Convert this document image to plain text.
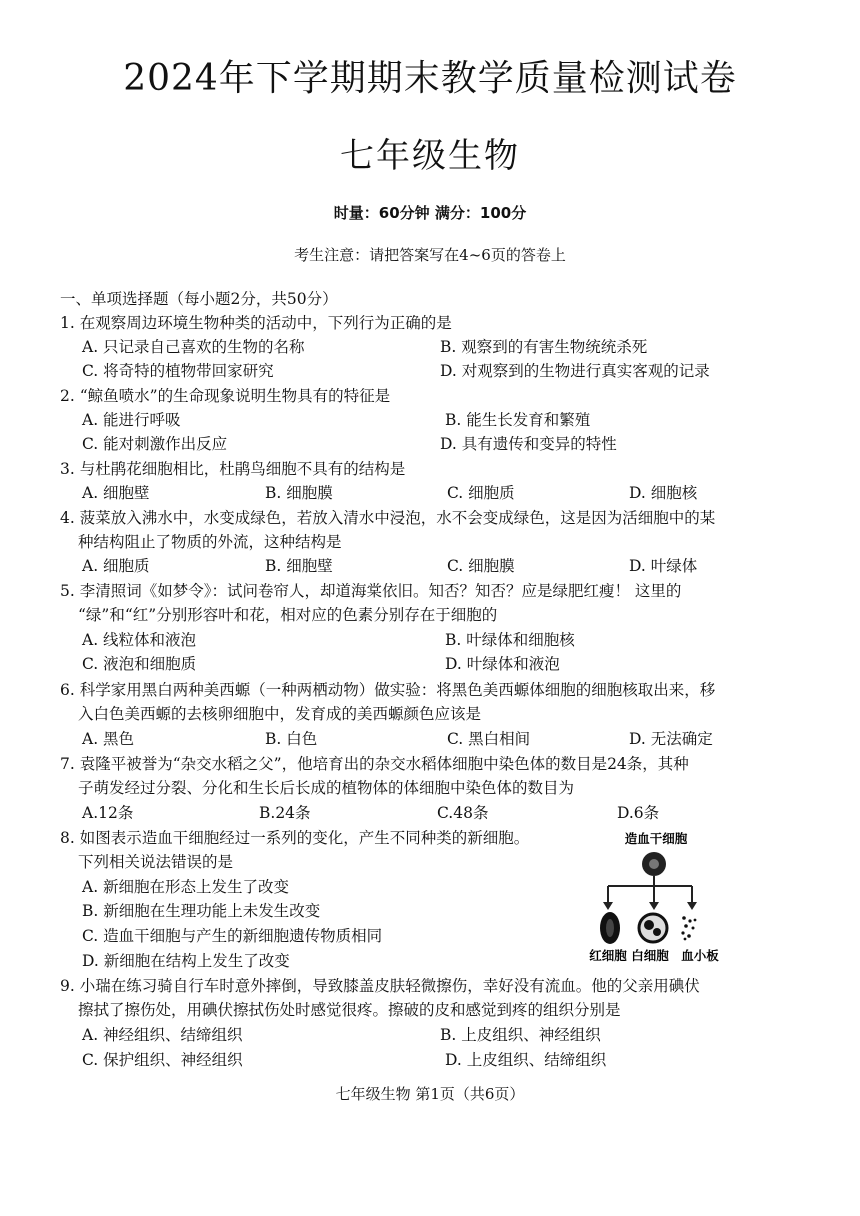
2024年下学期期末教学质量检测试卷
七年级生物
时量：60分钟 满分：100分
考生注意：请把答案写在4~6页的答卷上
一、单项选择题（每小题2分，共50分）
1. 在观察周边环境生物种类的活动中，下列行为正确的是
A. 只记录自己喜欢的生物的名称	B. 观察到的有害生物统统杀死
C. 将奇特的植物带回家研究	D. 对观察到的生物进行真实客观的记录
2. “鲸鱼喷水”的生命现象说明生物具有的特征是
A. 能进行呼吸	B. 能生长发育和繁殖
C. 能对刺激作出反应	D. 具有遗传和变异的特性
3. 与杜鹃花细胞相比，杜鹃鸟细胞不具有的结构是
A. 细胞壁	B. 细胞膜	C. 细胞质	D. 细胞核
4. 菠菜放入沸水中，水变成绿色，若放入清水中浸泡，水不会变成绿色，这是因为活细胞中的某
种结构阻止了物质的外流，这种结构是
A. 细胞质	B. 细胞壁	C. 细胞膜	D. 叶绿体
5. 李清照词《如梦令》：试问卷帘人，却道海棠依旧。知否？知否？应是绿肥红瘦！ 这里的
“绿”和“红”分别形容叶和花，相对应的色素分别存在于细胞的
A. 线粒体和液泡	B. 叶绿体和细胞核
C. 液泡和细胞质	D. 叶绿体和液泡
6. 科学家用黑白两种美西螈（一种两栖动物）做实验：将黑色美西螈体细胞的细胞核取出来，移
入白色美西螈的去核卵细胞中，发育成的美西螈颜色应该是
A. 黑色	B. 白色	C. 黑白相间	D. 无法确定
7. 袁隆平被誉为“杂交水稻之父”，他培育出的杂交水稻体细胞中染色体的数目是24条，其种
子萌发经过分裂、分化和生长后长成的植物体的体细胞中染色体的数目为
A.12条	B.24条	C.48条	D.6条
8. 如图表示造血干细胞经过一系列的变化，产生不同种类的新细胞。
下列相关说法错误的是
A. 新细胞在形态上发生了改变
B. 新细胞在生理功能上未发生改变
C. 造血干细胞与产生的新细胞遗传物质相同
D. 新细胞在结构上发生了改变
造血干细胞
红细胞 白细胞 血小板
9. 小瑞在练习骑自行车时意外摔倒，导致膝盖皮肤轻微擦伤，幸好没有流血。他的父亲用碘伏
擦拭了擦伤处，用碘伏擦拭伤处时感觉很疼。擦破的皮和感觉到疼的组织分别是
A. 神经组织、结缔组织	B. 上皮组织、神经组织
C. 保护组织、神经组织	D. 上皮组织、结缔组织
七年级生物 第1页（共6页）
